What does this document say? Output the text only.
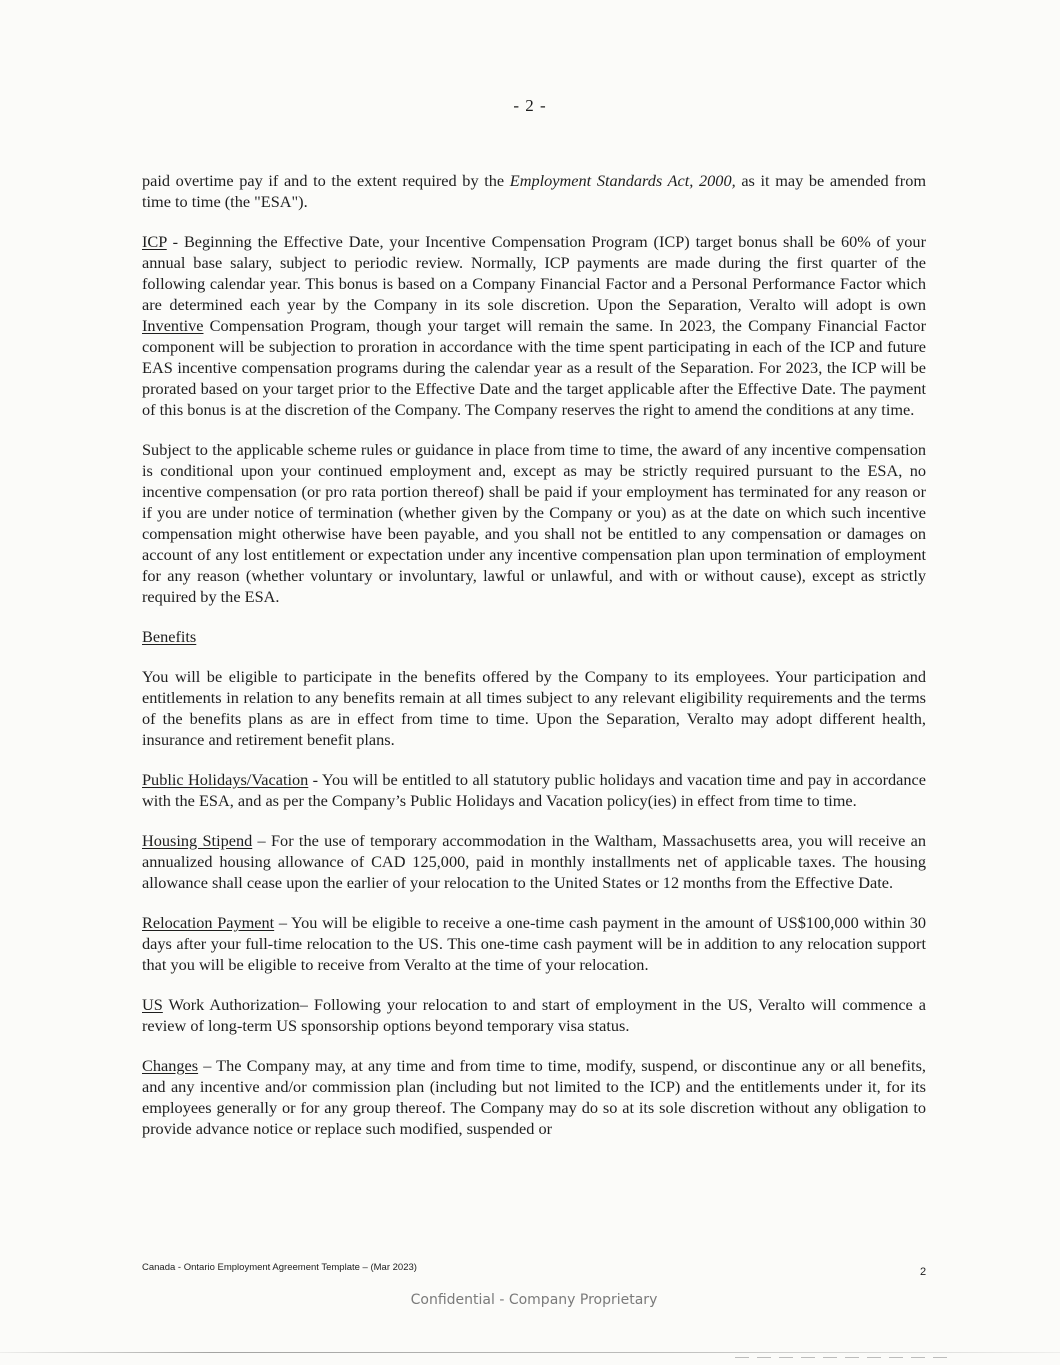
- 2 -

paid overtime pay if and to the extent required by the Employment Standards Act, 2000, as it may be amended from time to time (the "ESA").

ICP - Beginning the Effective Date, your Incentive Compensation Program (ICP) target bonus shall be 60% of your annual base salary, subject to periodic review. Normally, ICP payments are made during the first quarter of the following calendar year. This bonus is based on a Company Financial Factor and a Personal Performance Factor which are determined each year by the Company in its sole discretion. Upon the Separation, Veralto will adopt is own Inventive Compensation Program, though your target will remain the same. In 2023, the Company Financial Factor component will be subjection to proration in accordance with the time spent participating in each of the ICP and future EAS incentive compensation programs during the calendar year as a result of the Separation. For 2023, the ICP will be prorated based on your target prior to the Effective Date and the target applicable after the Effective Date. The payment of this bonus is at the discretion of the Company. The Company reserves the right to amend the conditions at any time.

Subject to the applicable scheme rules or guidance in place from time to time, the award of any incentive compensation is conditional upon your continued employment and, except as may be strictly required pursuant to the ESA, no incentive compensation (or pro rata portion thereof) shall be paid if your employment has terminated for any reason or if you are under notice of termination (whether given by the Company or you) as at the date on which such incentive compensation might otherwise have been payable, and you shall not be entitled to any compensation or damages on account of any lost entitlement or expectation under any incentive compensation plan upon termination of employment for any reason (whether voluntary or involuntary, lawful or unlawful, and with or without cause), except as strictly required by the ESA.

Benefits

You will be eligible to participate in the benefits offered by the Company to its employees. Your participation and entitlements in relation to any benefits remain at all times subject to any relevant eligibility requirements and the terms of the benefits plans as are in effect from time to time. Upon the Separation, Veralto may adopt different health, insurance and retirement benefit plans.

Public Holidays/Vacation - You will be entitled to all statutory public holidays and vacation time and pay in accordance with the ESA, and as per the Company’s Public Holidays and Vacation policy(ies) in effect from time to time.

Housing Stipend – For the use of temporary accommodation in the Waltham, Massachusetts area, you will receive an annualized housing allowance of CAD 125,000, paid in monthly installments net of applicable taxes. The housing allowance shall cease upon the earlier of your relocation to the United States or 12 months from the Effective Date.

Relocation Payment – You will be eligible to receive a one-time cash payment in the amount of US$100,000 within 30 days after your full-time relocation to the US. This one-time cash payment will be in addition to any relocation support that you will be eligible to receive from Veralto at the time of your relocation.

US Work Authorization– Following your relocation to and start of employment in the US, Veralto will commence a review of long-term US sponsorship options beyond temporary visa status.

Changes – The Company may, at any time and from time to time, modify, suspend, or discontinue any or all benefits, and any incentive and/or commission plan (including but not limited to the ICP) and the entitlements under it, for its employees generally or for any group thereof. The Company may do so at its sole discretion without any obligation to provide advance notice or replace such modified, suspended or

Canada - Ontario Employment Agreement Template – (Mar 2023)	2
Confidential - Company Proprietary
